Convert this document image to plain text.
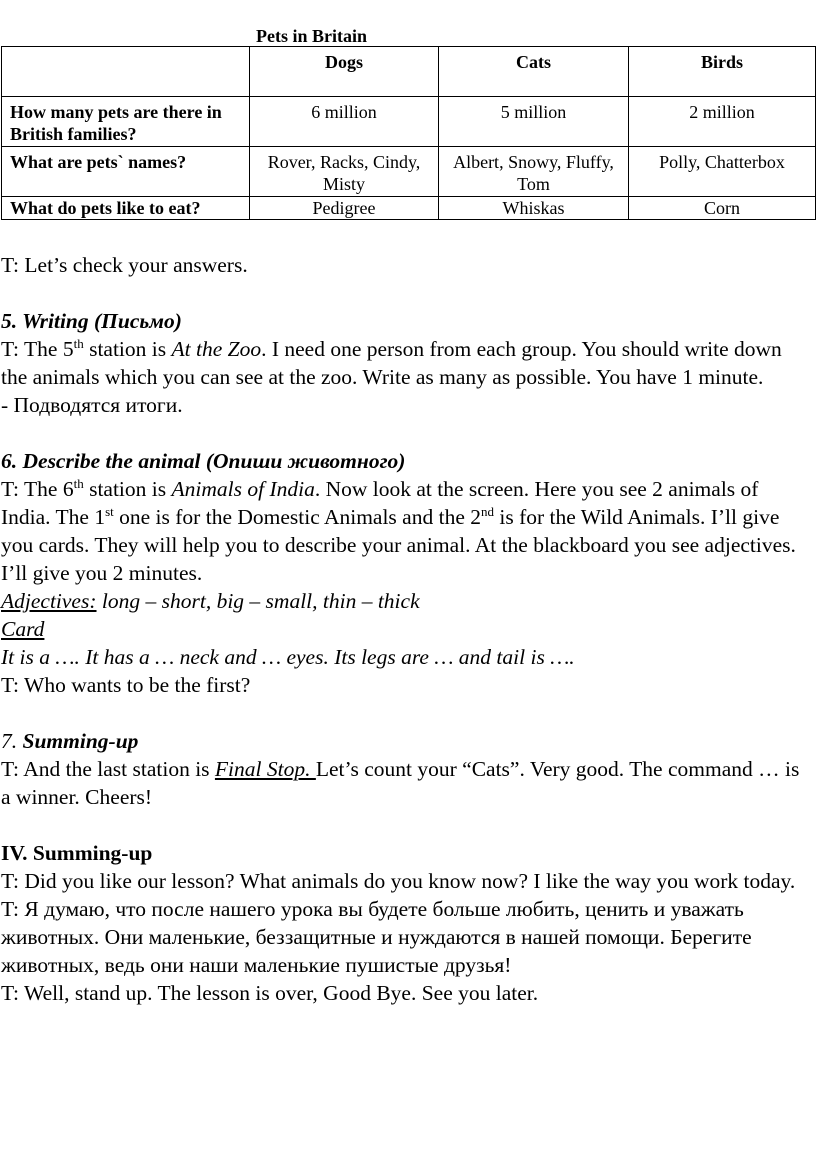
Pets in Britain
	Dogs	Cats	Birds
How many pets are there in British families?	6 million	5 million	2 million
What are pets` names?	Rover, Racks, Cindy, Misty	Albert, Snowy, Fluffy, Tom	Polly, Chatterbox
What do pets like to eat?	Pedigree	Whiskas	Corn

T: Let’s check your answers.

5. Writing (Письмо)

T: The 5th station is At the Zoo. I need one person from each group. You should write down the animals which you can see at the zoo. Write as many as possible. You have 1 minute.

- Подводятся итоги.

6. Describe the animal (Опиши животного)

T: The 6th station is Animals of India. Now look at the screen. Here you see 2 animals of India. The 1st one is for the Domestic Animals and the 2nd is for the Wild Animals. I’ll give you cards. They will help you to describe your animal. At the blackboard you see adjectives. I’ll give you 2 minutes.

Adjectives: long – short, big – small, thin – thick

Card

It is a …. It has a … neck and … eyes. Its legs are … and tail is ….

T: Who wants to be the first?

7. Summing-up

T: And the last station is Final Stop. Let’s count your “Cats”. Very good. The command … is a winner. Cheers!

IV. Summing-up

T: Did you like our lesson? What animals do you know now? I like the way you work today.

T: Я думаю, что после нашего урока вы будете больше любить, ценить и уважать животных. Они маленькие, беззащитные и нуждаются в нашей помощи. Берегите животных, ведь они наши маленькие пушистые друзья!

T: Well, stand up. The lesson is over, Good Bye. See you later.
